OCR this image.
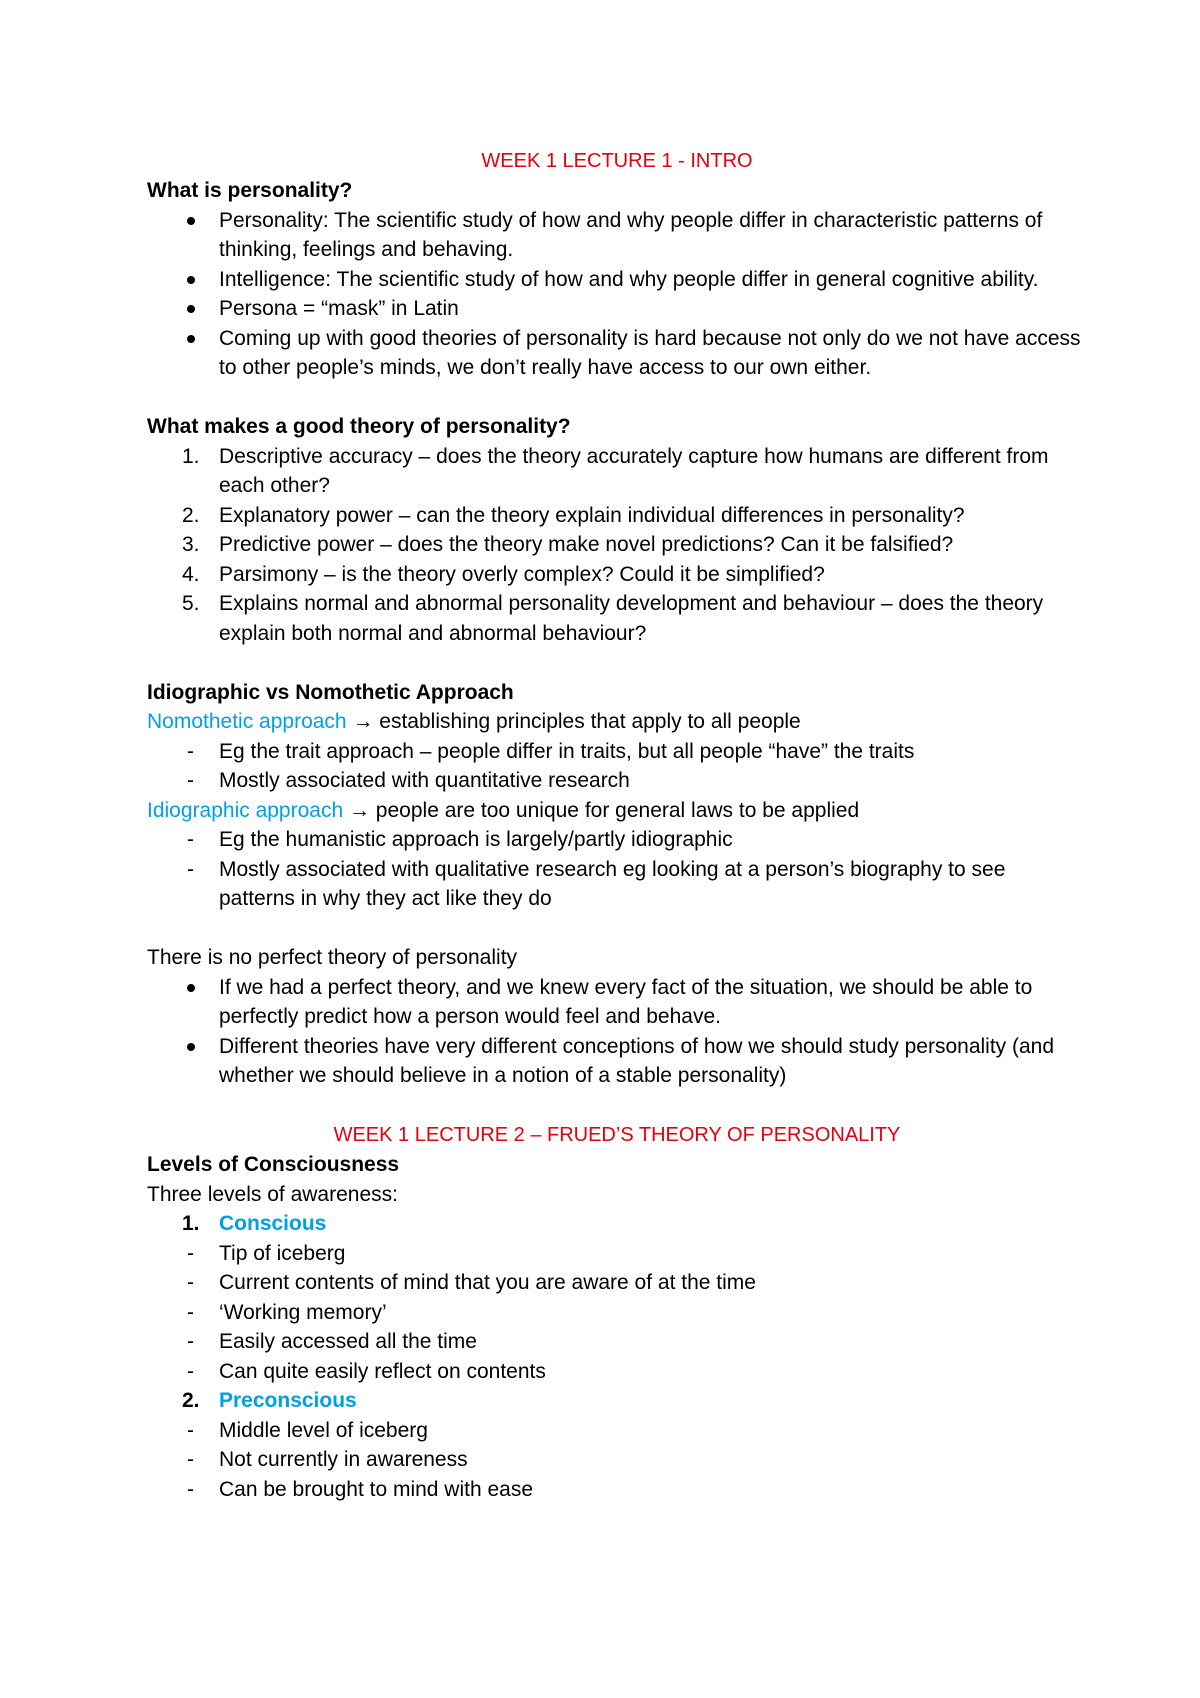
WEEK 1 LECTURE 1 - INTRO

What is personality?

Personality: The scientific study of how and why people differ in characteristic patterns of thinking, feelings and behaving.
Intelligence: The scientific study of how and why people differ in general cognitive ability.
Persona = “mask” in Latin
Coming up with good theories of personality is hard because not only do we not have access to other people’s minds, we don’t really have access to our own either.

What makes a good theory of personality?

1. Descriptive accuracy – does the theory accurately capture how humans are different from each other?
2. Explanatory power – can the theory explain individual differences in personality?
3. Predictive power – does the theory make novel predictions? Can it be falsified?
4. Parsimony – is the theory overly complex? Could it be simplified?
5. Explains normal and abnormal personality development and behaviour – does the theory explain both normal and abnormal behaviour?

Idiographic vs Nomothetic Approach

Nomothetic approach → establishing principles that apply to all people

-	Eg the trait approach – people differ in traits, but all people “have” the traits
-	Mostly associated with quantitative research

Idiographic approach → people are too unique for general laws to be applied

-	Eg the humanistic approach is largely/partly idiographic
-	Mostly associated with qualitative research eg looking at a person’s biography to see patterns in why they act like they do

There is no perfect theory of personality

If we had a perfect theory, and we knew every fact of the situation, we should be able to perfectly predict how a person would feel and behave.
Different theories have very different conceptions of how we should study personality (and whether we should believe in a notion of a stable personality)

WEEK 1 LECTURE 2 – FRUED’S THEORY OF PERSONALITY

Levels of Consciousness

Three levels of awareness:

1. Conscious
-	Tip of iceberg
-	Current contents of mind that you are aware of at the time
-	‘Working memory’
-	Easily accessed all the time
-	Can quite easily reflect on contents
2. Preconscious
-	Middle level of iceberg
-	Not currently in awareness
-	Can be brought to mind with ease
